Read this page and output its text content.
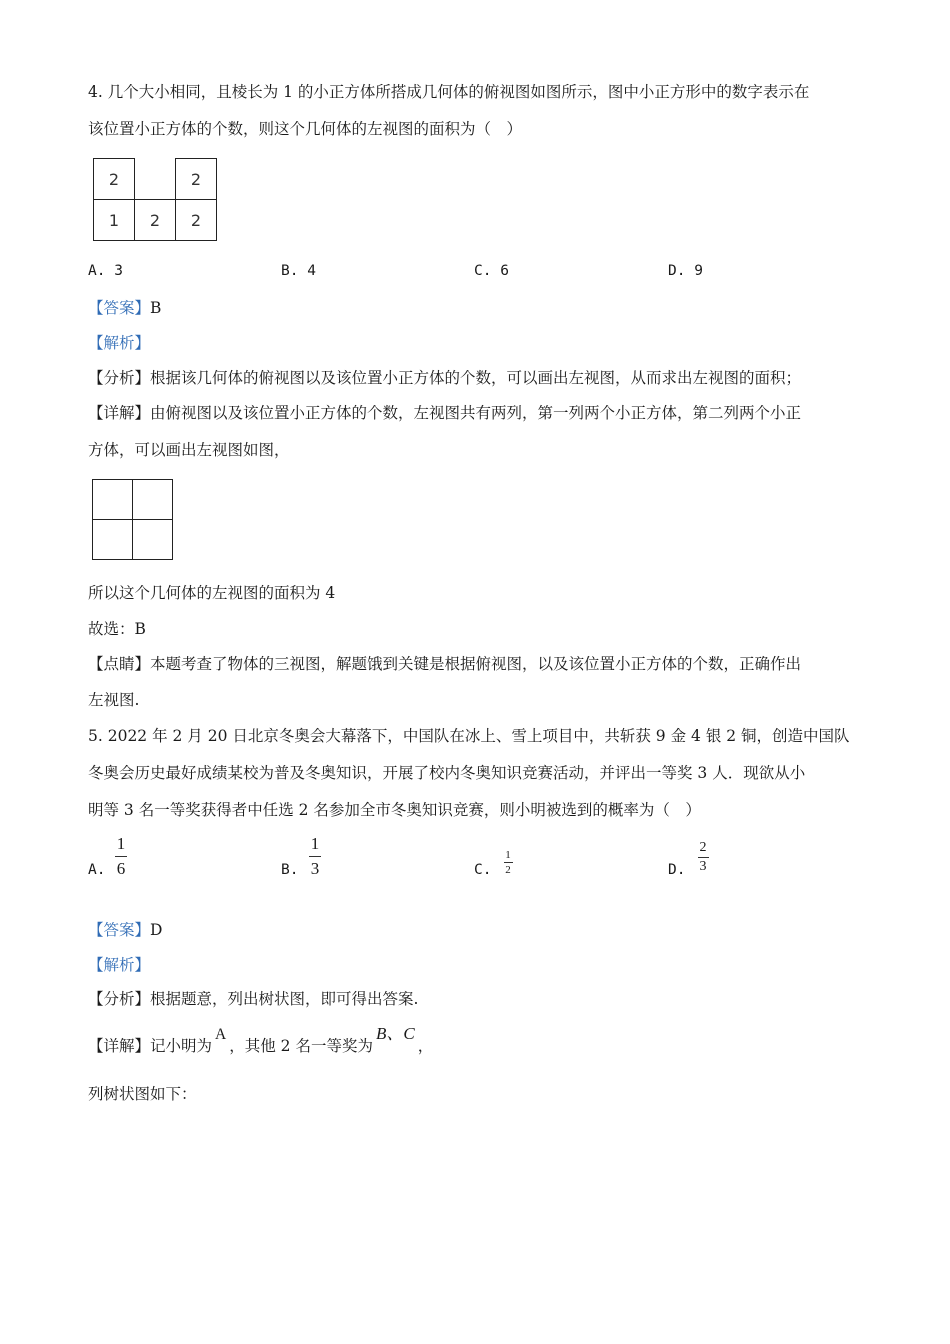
4. 几个大小相同，且棱长为 1 的小正方体所搭成几何体的俯视图如图所示，图中小正方形中的数字表示在
该位置小正方体的个数，则这个几何体的左视图的面积为（　）
2		2
1	2	2
A. 3	B. 4	C. 6	D. 9
【答案】B
【解析】
【分析】根据该几何体的俯视图以及该位置小正方体的个数，可以画出左视图，从而求出左视图的面积；
【详解】由俯视图以及该位置小正方体的个数，左视图共有两列，第一列两个小正方体，第二列两个小正
方体，可以画出左视图如图，
所以这个几何体的左视图的面积为 4
故选：B
【点睛】本题考查了物体的三视图，解题饿到关键是根据俯视图，以及该位置小正方体的个数，正确作出
左视图.
5. 2022 年 2 月 20 日北京冬奥会大幕落下，中国队在冰上、雪上项目中，共斩获 9 金 4 银 2 铜，创造中国队
冬奥会历史最好成绩某校为普及冬奥知识，开展了校内冬奥知识竞赛活动，并评出一等奖 3 人．现欲从小
明等 3 名一等奖获得者中任选 2 名参加全市冬奥知识竞赛，则小明被选到的概率为（　）
A.
1
6	B.
1
3	C.
1
2	D.
2
3
【答案】D
【解析】
【分析】根据题意，列出树状图，即可得出答案.
【详解】记小明为A，其他 2 名一等奖为B、C，
列树状图如下：
